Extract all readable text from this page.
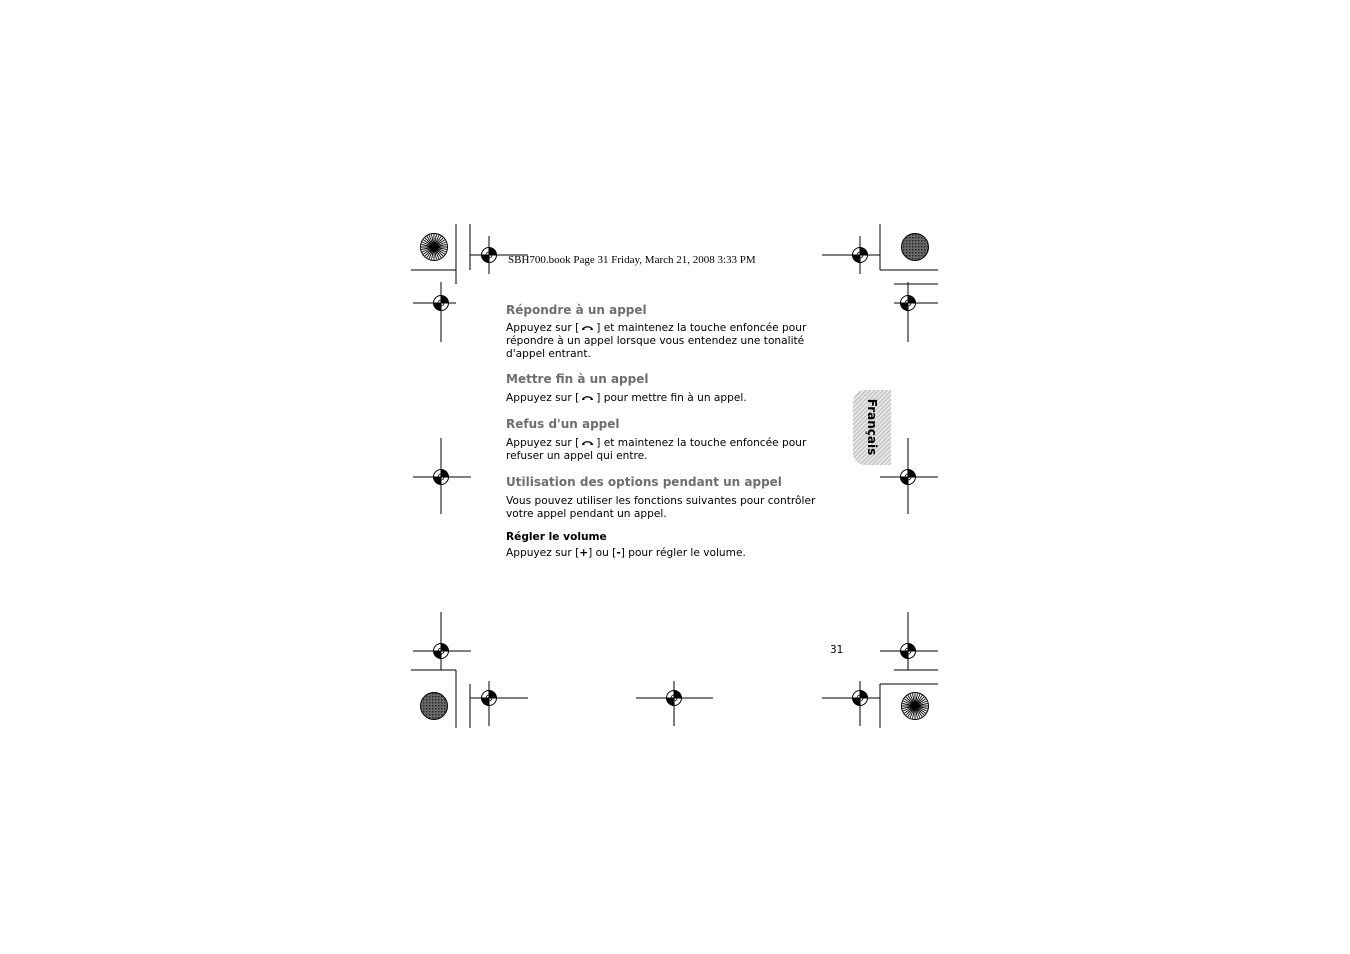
SBH700.book Page 31 Friday, March 21, 2008 3:33 PM
Répondre à un appel

Appuyez sur [ ] et maintenez la touche enfoncée pour
répondre à un appel lorsque vous entendez une tonalité
d'appel entrant.

Mettre fin à un appel

Appuyez sur [ ] pour mettre fin à un appel.

Refus d'un appel

Appuyez sur [ ] et maintenez la touche enfoncée pour
refuser un appel qui entre.

Utilisation des options pendant un appel

Vous pouvez utiliser les fonctions suivantes pour contrôler
votre appel pendant un appel.

Régler le volume

Appuyez sur [+] ou [-] pour régler le volume.

Français
31
